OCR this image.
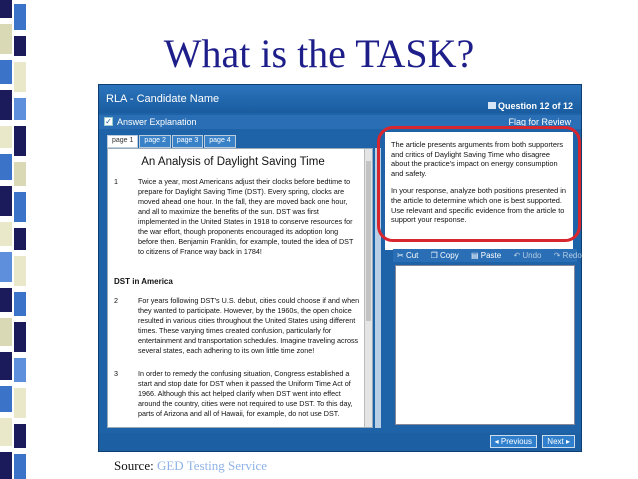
What is the TASK?
RLA - Candidate Name
Question 12 of 12
✓ Answer Explanation	Flag for Review
page 1 page 2 page 3 page 4
An Analysis of Daylight Saving Time
1	Twice a year, most Americans adjust their clocks before bedtime to prepare for Daylight Saving Time (DST). Every spring, clocks are moved ahead one hour. In the fall, they are moved back one hour, and all to maximize the benefits of the sun. DST was first implemented in the United States in 1918 to conserve resources for the war effort, though proponents encouraged its adoption long before then. Benjamin Franklin, for example, touted the idea of DST to citizens of France way back in 1784!
DST in America
2	For years following DST's U.S. debut, cities could choose if and when they wanted to participate. However, by the 1960s, the open choice resulted in various cities throughout the United States using different times. These varying times created confusion, particularly for entertainment and transportation schedules. Imagine traveling across several states, each adhering to its own little time zone!
3	In order to remedy the confusing situation, Congress established a start and stop date for DST when it passed the Uniform Time Act of 1966. Although this act helped clarify when DST went into effect around the country, cities were not required to use DST. To this day, parts of Arizona and all of Hawaii, for example, do not use DST.

The article presents arguments from both supporters and critics of Daylight Saving Time who disagree about the practice's impact on energy consumption and safety.

In your response, analyze both positions presented in the article to determine which one is best supported. Use relevant and specific evidence from the article to support your response.

✂ Cut ❐ Copy ▤ Paste ↶ Undo ↷ Redo
◂ Previous	Next ▸
Source: GED Testing Service
